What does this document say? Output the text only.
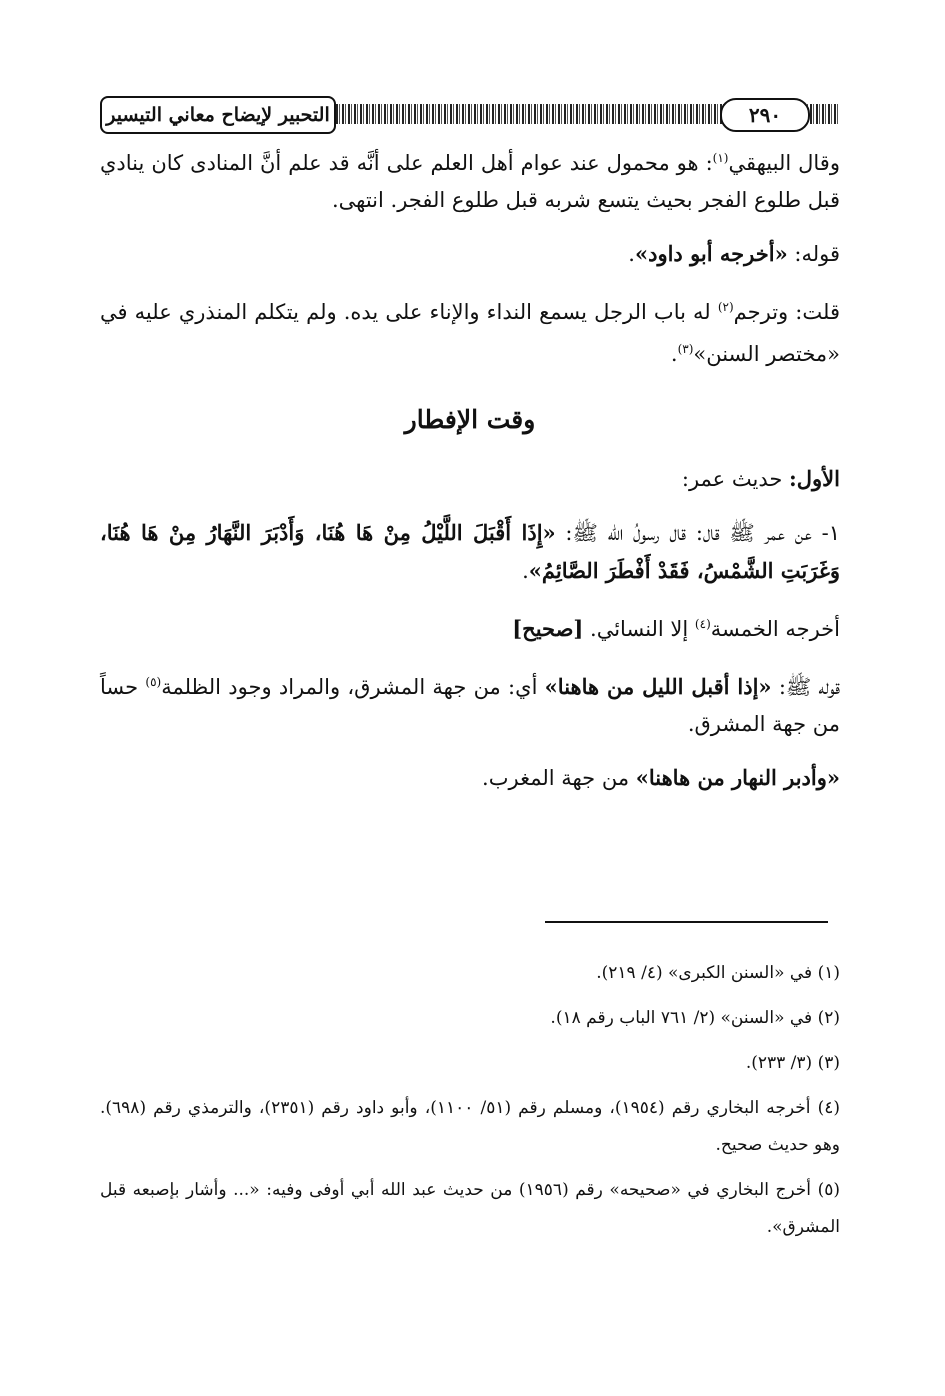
التحبير لإيضاح معاني التيسير	٢٩٠

وقال البيهقي$^{(١)}$: هو محمول عند عوام أهل العلم على أنَّه قد علم أنَّ المنادى كان ينادي قبل طلوع الفجر بحيث يتسع شربه قبل طلوع الفجر. انتهى.

قوله: «أخرجه أبو داود».

قلت: وترجم$^{(٢)}$ له باب الرجل يسمع النداء والإناء على يده. ولم يتكلم المنذري عليه في «مختصر السنن»$^{(٣)}$.

وقت الإفطار

الأول: حديث عمر:

١- عن عمر ﷺ قال: قال رسولُ الله ﷺ: «إِذَا أَقْبَلَ اللَّيْلُ مِنْ هَا هُنَا، وَأَدْبَرَ النَّهَارُ مِنْ هَا هُنَا، وَغَرَبَتِ الشَّمْسُ، فَقَدْ أَفْطَرَ الصَّائِمُ».

أخرجه الخمسة$^{(٤)}$ إلا النسائي. [صحيح]

قوله ﷺ: «إذا أقبل الليل من هاهنا» أي: من جهة المشرق، والمراد وجود الظلمة$^{(٥)}$ حساً من جهة المشرق.

«وأدبر النهار من هاهنا» من جهة المغرب.

(١) في «السنن الكبرى» (٤/ ٢١٩).

(٢) في «السنن» (٢/ ٧٦١ الباب رقم ١٨).

(٣) (٣/ ٢٣٣).

(٤) أخرجه البخاري رقم (١٩٥٤)، ومسلم رقم (٥١/ ١١٠٠)، وأبو داود رقم (٢٣٥١)، والترمذي رقم (٦٩٨). وهو حديث صحيح.

(٥) أخرج البخاري في «صحيحه» رقم (١٩٥٦) من حديث عبد الله أبي أوفى وفيه: «... وأشار بإصبعه قبل المشرق».
